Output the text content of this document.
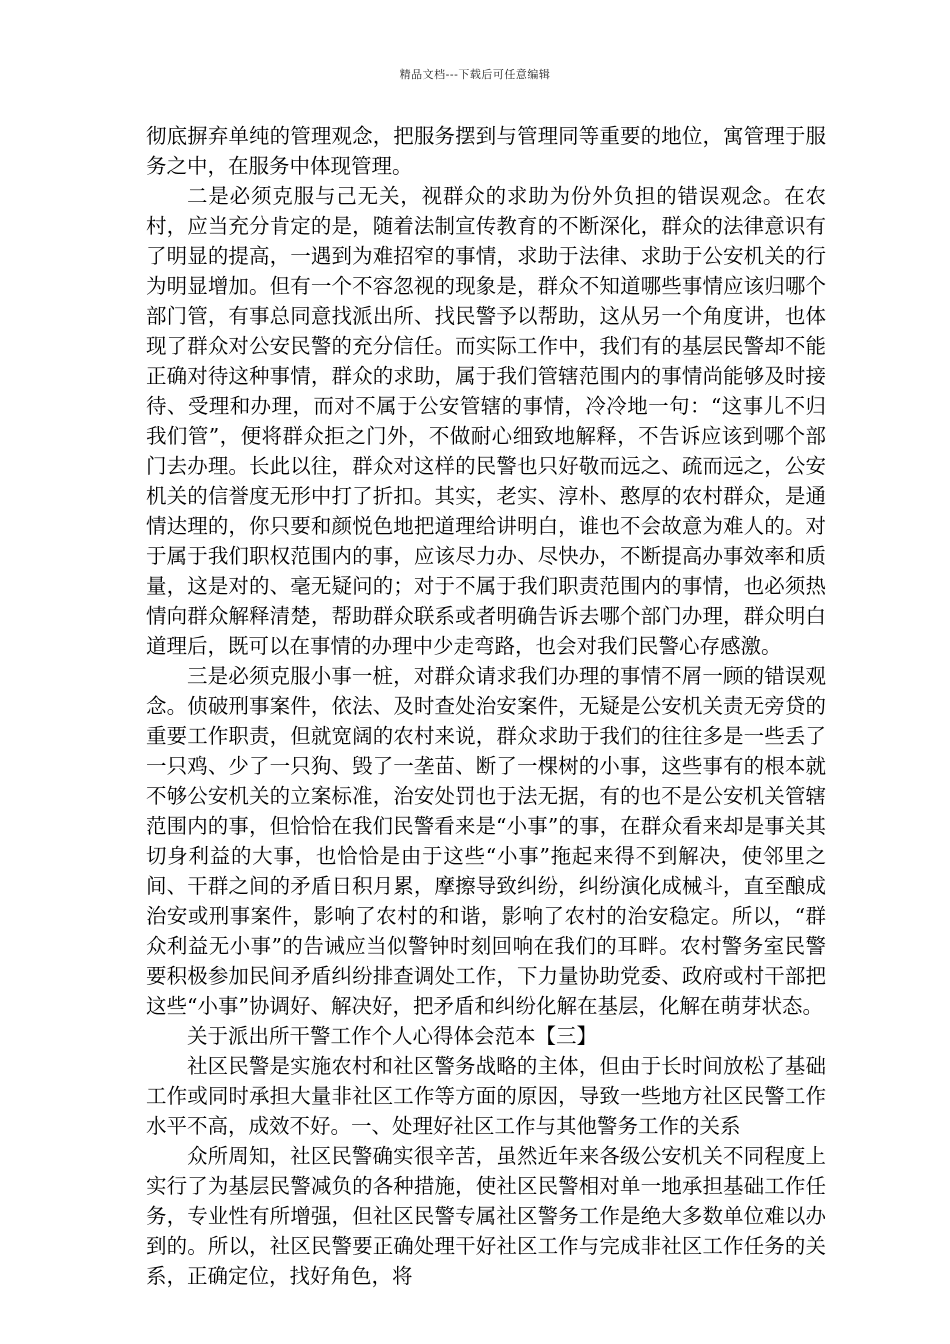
精品文档---下载后可任意编辑

彻底摒弃单纯的管理观念，把服务摆到与管理同等重要的地位，寓管理于服务之中，在服务中体现管理。

二是必须克服与己无关，视群众的求助为份外负担的错误观念。在农村，应当充分肯定的是，随着法制宣传教育的不断深化，群众的法律意识有了明显的提高，一遇到为难招窄的事情，求助于法律、求助于公安机关的行为明显增加。但有一个不容忽视的现象是，群众不知道哪些事情应该归哪个部门管，有事总同意找派出所、找民警予以帮助，这从另一个角度讲，也体现了群众对公安民警的充分信任。而实际工作中，我们有的基层民警却不能正确对待这种事情，群众的求助，属于我们管辖范围内的事情尚能够及时接待、受理和办理，而对不属于公安管辖的事情，冷冷地一句：“这事儿不归我们管”，便将群众拒之门外，不做耐心细致地解释，不告诉应该到哪个部门去办理。长此以往，群众对这样的民警也只好敬而远之、疏而远之，公安机关的信誉度无形中打了折扣。其实，老实、淳朴、憨厚的农村群众，是通情达理的，你只要和颜悦色地把道理给讲明白，谁也不会故意为难人的。对于属于我们职权范围内的事，应该尽力办、尽快办，不断提高办事效率和质量，这是对的、毫无疑问的；对于不属于我们职责范围内的事情，也必须热情向群众解释清楚，帮助群众联系或者明确告诉去哪个部门办理，群众明白道理后，既可以在事情的办理中少走弯路，也会对我们民警心存感激。

三是必须克服小事一桩，对群众请求我们办理的事情不屑一顾的错误观念。侦破刑事案件，依法、及时查处治安案件，无疑是公安机关责无旁贷的重要工作职责，但就宽阔的农村来说，群众求助于我们的往往多是一些丢了一只鸡、少了一只狗、毁了一垄苗、断了一棵树的小事，这些事有的根本就不够公安机关的立案标准，治安处罚也于法无据，有的也不是公安机关管辖范围内的事，但恰恰在我们民警看来是“小事”的事，在群众看来却是事关其切身利益的大事，也恰恰是由于这些“小事”拖起来得不到解决，使邻里之间、干群之间的矛盾日积月累，摩擦导致纠纷，纠纷演化成械斗，直至酿成治安或刑事案件，影响了农村的和谐，影响了农村的治安稳定。所以，“群众利益无小事”的告诫应当似警钟时刻回响在我们的耳畔。农村警务室民警要积极参加民间矛盾纠纷排查调处工作，下力量协助党委、政府或村干部把这些“小事”协调好、解决好，把矛盾和纠纷化解在基层，化解在萌芽状态。

关于派出所干警工作个人心得体会范本【三】

社区民警是实施农村和社区警务战略的主体，但由于长时间放松了基础工作或同时承担大量非社区工作等方面的原因，导致一些地方社区民警工作水平不高，成效不好。一、处理好社区工作与其他警务工作的关系

众所周知，社区民警确实很辛苦，虽然近年来各级公安机关不同程度上实行了为基层民警减负的各种措施，使社区民警相对单一地承担基础工作任务，专业性有所增强，但社区民警专属社区警务工作是绝大多数单位难以办到的。所以，社区民警要正确处理干好社区工作与完成非社区工作任务的关系，正确定位，找好角色，将
